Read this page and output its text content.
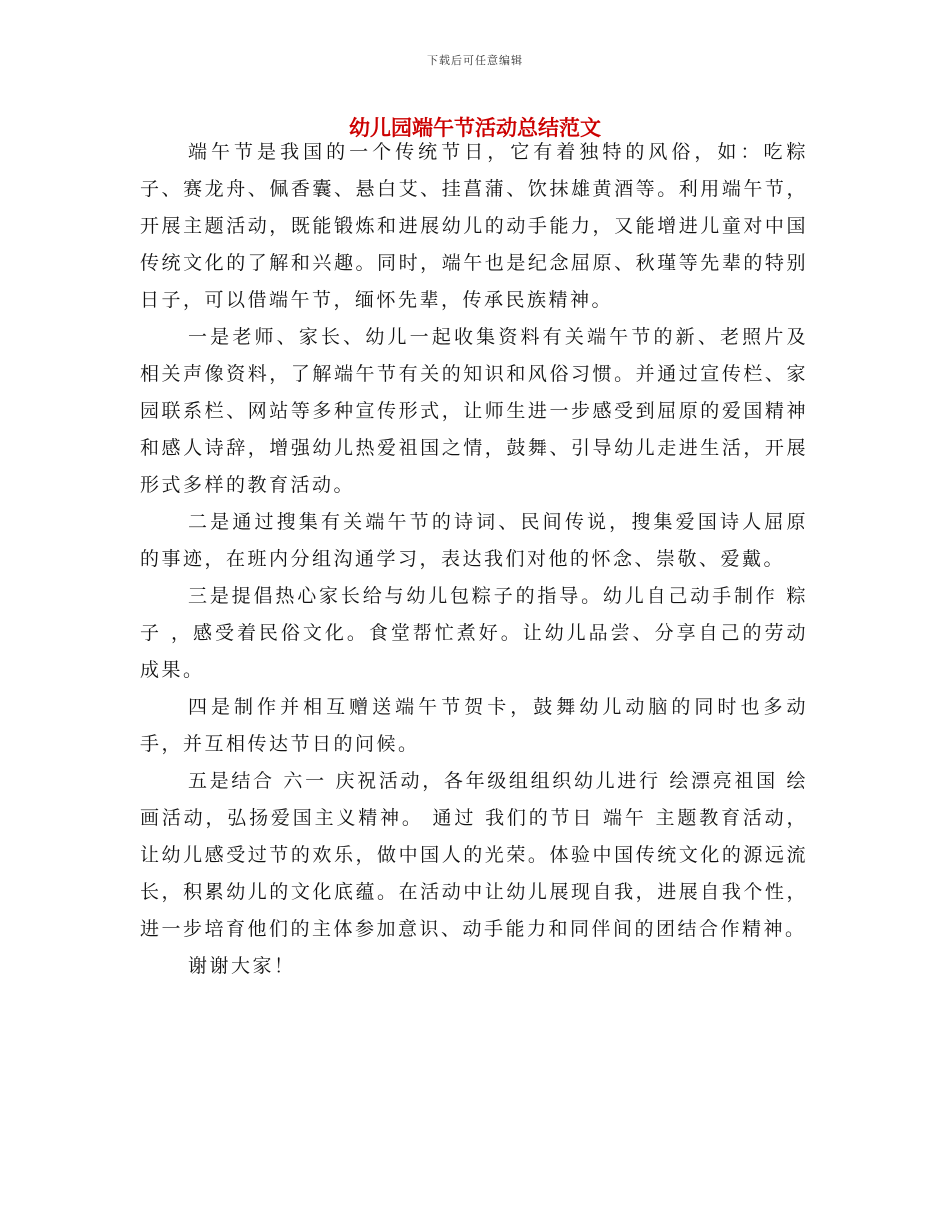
下载后可任意编辑
幼儿园端午节活动总结范文

端午节是我国的一个传统节日，它有着独特的风俗，如：吃粽子、赛龙舟、佩香囊、悬白艾、挂菖蒲、饮抹雄黄酒等。利用端午节，开展主题活动，既能锻炼和进展幼儿的动手能力，又能增进儿童对中国传统文化的了解和兴趣。同时，端午也是纪念屈原、秋瑾等先辈的特别日子，可以借端午节，缅怀先辈，传承民族精神。

一是老师、家长、幼儿一起收集资料有关端午节的新、老照片及相关声像资料，了解端午节有关的知识和风俗习惯。并通过宣传栏、家园联系栏、网站等多种宣传形式，让师生进一步感受到屈原的爱国精神和感人诗辞，增强幼儿热爱祖国之情，鼓舞、引导幼儿走进生活，开展形式多样的教育活动。

二是通过搜集有关端午节的诗词、民间传说，搜集爱国诗人屈原的事迹，在班内分组沟通学习，表达我们对他的怀念、崇敬、爱戴。

三是提倡热心家长给与幼儿包粽子的指导。幼儿自己动手制作 粽子 ，感受着民俗文化。食堂帮忙煮好。让幼儿品尝、分享自己的劳动成果。

四是制作并相互赠送端午节贺卡，鼓舞幼儿动脑的同时也多动手，并互相传达节日的问候。

五是结合 六一 庆祝活动，各年级组组织幼儿进行 绘漂亮祖国 绘画活动，弘扬爱国主义精神。 通过 我们的节日 端午 主题教育活动，让幼儿感受过节的欢乐，做中国人的光荣。体验中国传统文化的源远流长，积累幼儿的文化底蕴。在活动中让幼儿展现自我，进展自我个性，进一步培育他们的主体参加意识、动手能力和同伴间的团结合作精神。

谢谢大家！
